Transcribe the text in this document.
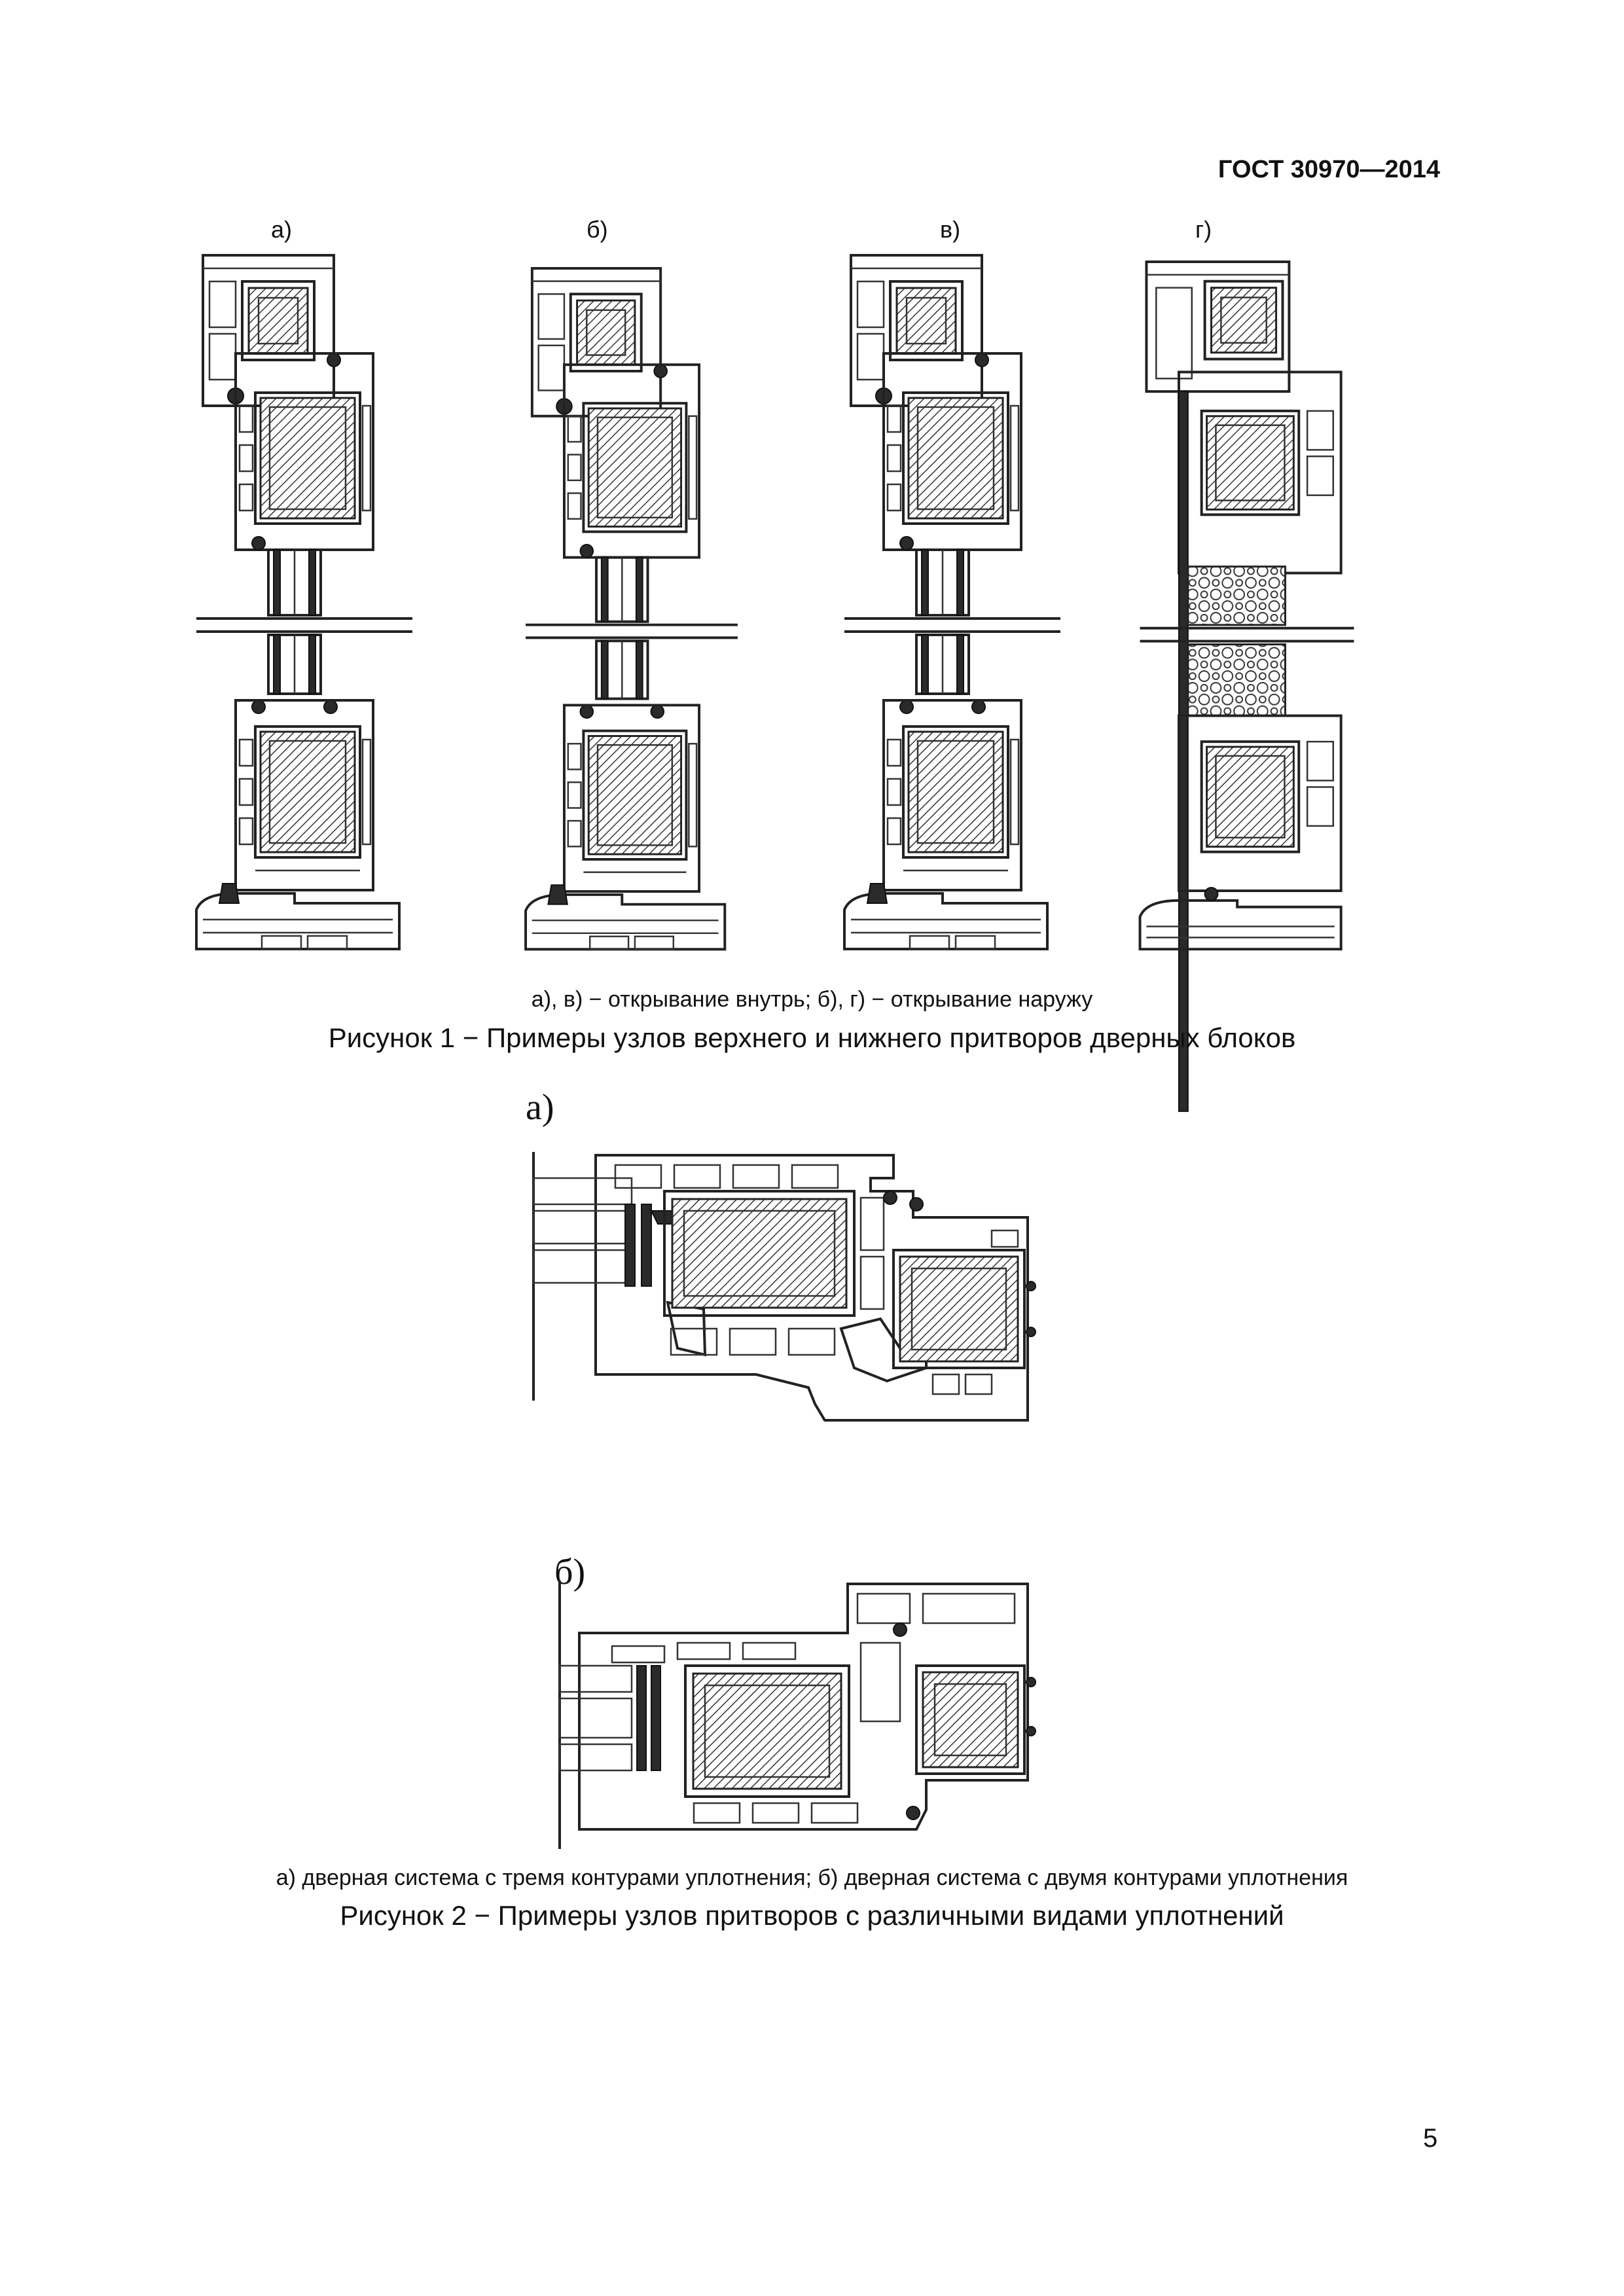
ГОСТ 30970—2014
а)	б)	в)	г)
а), в) − открывание внутрь; б), г) − открывание наружу
Рисунок 1 − Примеры узлов верхнего и нижнего притворов дверных блоков
а)
б)
а) дверная система с тремя контурами уплотнения; б) дверная система с двумя контурами уплотнения
Рисунок 2 − Примеры узлов притворов с различными видами уплотнений
5
